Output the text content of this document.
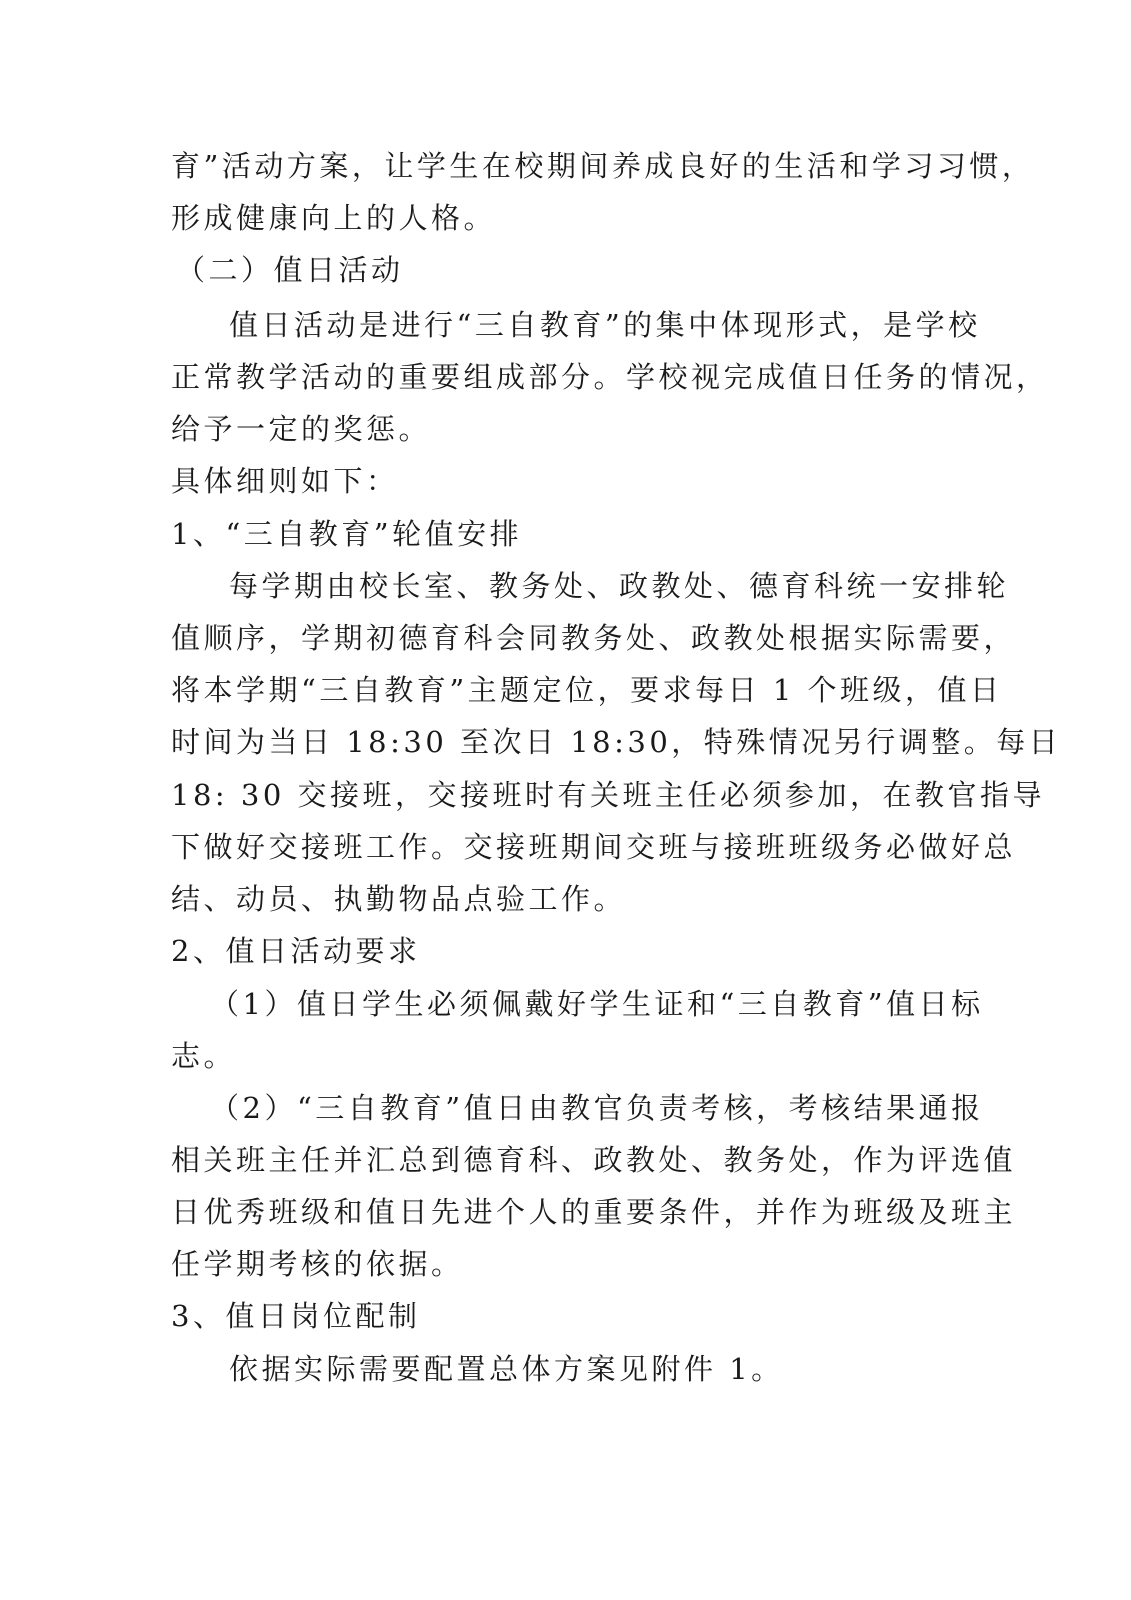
育”活动方案，让学生在校期间养成良好的生活和学习习惯，
形成健康向上的人格。
（二）值日活动
值日活动是进行“三自教育”的集中体现形式，是学校
正常教学活动的重要组成部分。学校视完成值日任务的情况，
给予一定的奖惩。
具体细则如下：
1、“三自教育”轮值安排
每学期由校长室、教务处、政教处、德育科统一安排轮
值顺序，学期初德育科会同教务处、政教处根据实际需要，
将本学期“三自教育”主题定位，要求每日 1 个班级，值日
时间为当日 18:30 至次日 18:30，特殊情况另行调整。每日
18: 30 交接班，交接班时有关班主任必须参加，在教官指导
下做好交接班工作。交接班期间交班与接班班级务必做好总
结、动员、执勤物品点验工作。
2、值日活动要求
（1）值日学生必须佩戴好学生证和“三自教育”值日标
志。
（2）“三自教育”值日由教官负责考核，考核结果通报
相关班主任并汇总到德育科、政教处、教务处，作为评选值
日优秀班级和值日先进个人的重要条件，并作为班级及班主
任学期考核的依据。
3、值日岗位配制
依据实际需要配置总体方案见附件 1。
